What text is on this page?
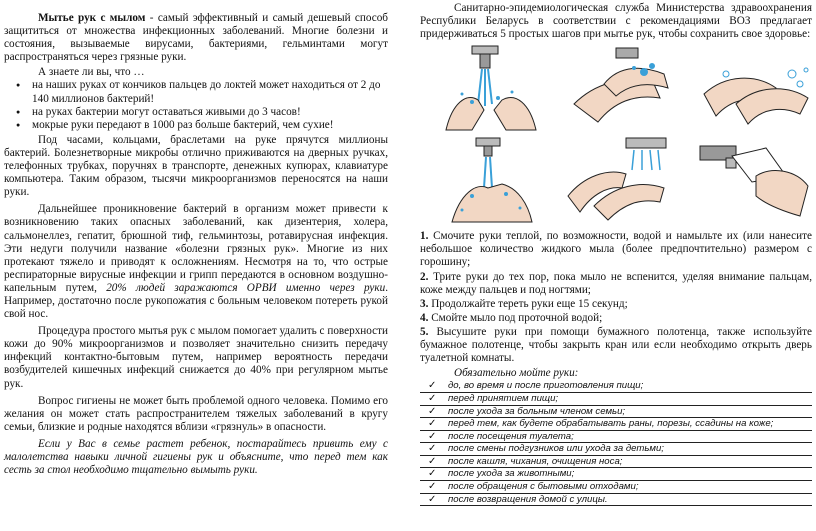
Мытье рук с мылом - самый эффективный и самый дешевый способ защититься от множества инфекционных заболеваний. Многие болезни и состояния, вызываемые вирусами, бактериями, гельминтами могут распространяться через грязные руки.

А знаете ли вы, что …

● на наших руках от кончиков пальцев до локтей может находиться от 2 до 140 миллионов бактерий!
● на руках бактерии могут оставаться живыми до 3 часов!
● мокрые руки передают в 1000 раз больше бактерий, чем сухие!

Под часами, кольцами, браслетами на руке прячутся миллионы бактерий. Болезнетворные микробы отлично приживаются на дверных ручках, телефонных трубках, поручнях в транспорте, денежных купюрах, клавиатуре компьютера. Таким образом, тысячи микроорганизмов переносятся на наши руки.

Дальнейшее проникновение бактерий в организм может привести к возникновению таких опасных заболеваний, как дизентерия, холера, сальмонеллез, гепатит, брюшной тиф, гельминтозы, ротавирусная инфекция. Эти недуги получили название «болезни грязных рук». Многие из них протекают тяжело и приводят к осложнениям. Несмотря на то, что острые респираторные вирусные инфекции и грипп передаются в основном воздушно-капельным путем, 20% людей заражаются ОРВИ именно через руки. Например, достаточно после рукопожатия с больным человеком потереть рукой свой нос.

Процедура простого мытья рук с мылом помогает удалить с поверхности кожи до 90% микроорганизмов и позволяет значительно снизить передачу инфекций контактно-бытовым путем, например вероятность передачи возбудителей кишечных инфекций снижается до 40% при регулярном мытье рук.

Вопрос гигиены не может быть проблемой одного человека. Помимо его желания он может стать распространителем тяжелых заболеваний в кругу семьи, близкие и родные находятся вблизи «грязнуль» в опасности.

Если у Вас в семье растет ребенок, постарайтесь привить ему с малолетства навыки личной гигиены рук и объясните, что перед тем как сесть за стол необходимо тщательно вымыть руки.

Санитарно-эпидемиологическая служба Министерства здравоохранения Республики Беларусь в соответствии с рекомендациями ВОЗ предлагает придерживаться 5 простых шагов при мытье рук, чтобы сохранить свое здоровье:

1. Смочите руки теплой, по возможности, водой и намыльте их (или нанесите небольшое количество жидкого мыла (более предпочтительно) размером с горошину;

2. Трите руки до тех пор, пока мыло не вспенится, уделяя внимание пальцам, коже между пальцев и под ногтями;

3. Продолжайте тереть руки еще 15 секунд;

4. Смойте мыло под проточной водой;

5. Высушите руки при помощи бумажного полотенца, также используйте бумажное полотенце, чтобы закрыть кран или если необходимо открыть дверь туалетной комнаты.

Обязательно мойте руки:

✓ до, во время и после приготовления пищи;
✓ перед принятием пищи;
✓ после ухода за больным членом семьи;
✓ перед тем, как будете обрабатывать раны, порезы, ссадины на коже;
✓ после посещения туалета;
✓ после смены подгузников или ухода за детьми;
✓ после кашля, чихания, очищения носа;
✓ после ухода за животными;
✓ после обращения с бытовыми отходами;
✓ после возвращения домой с улицы.
